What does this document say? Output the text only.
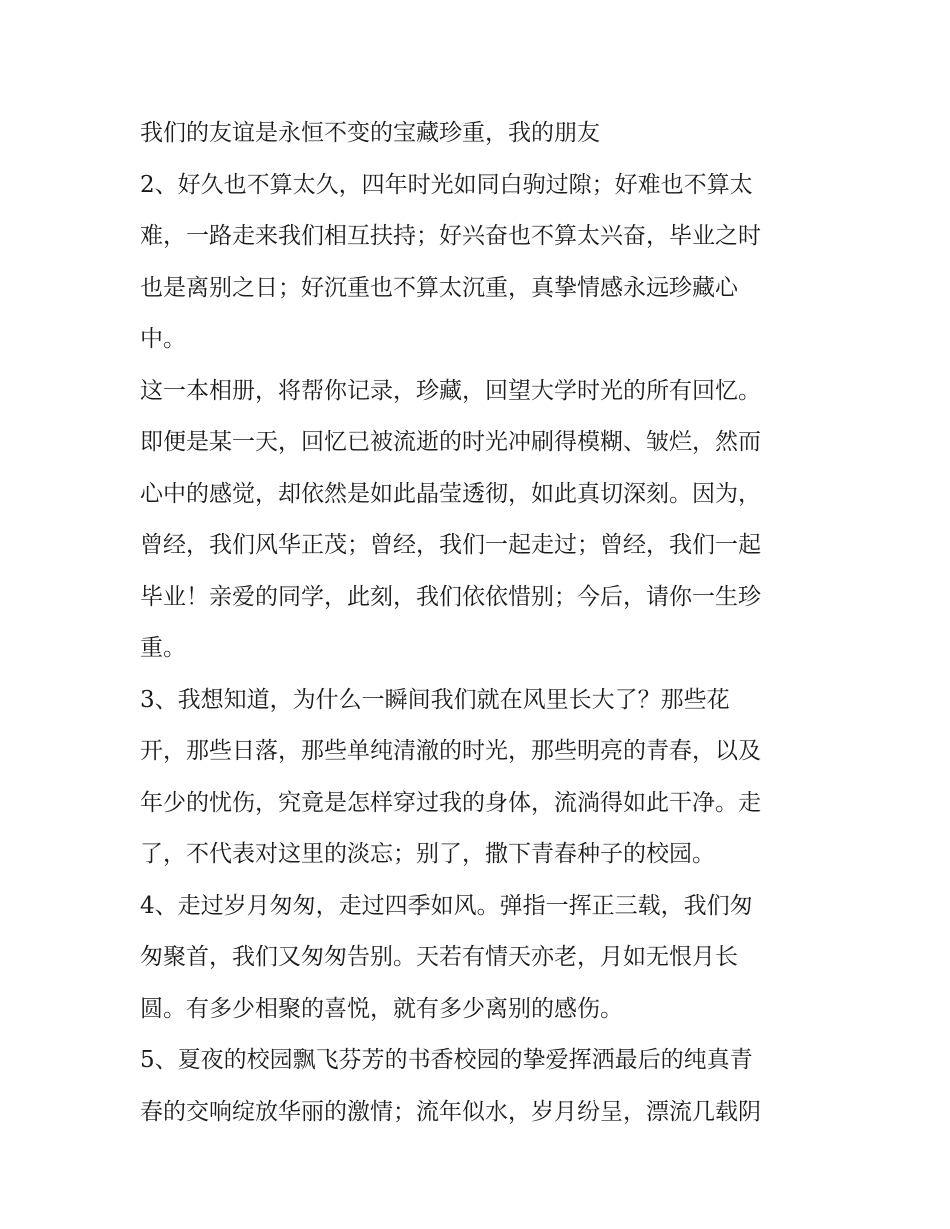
我们的友谊是永恒不变的宝藏珍重，我的朋友
2、好久也不算太久，四年时光如同白驹过隙；好难也不算太
难，一路走来我们相互扶持；好兴奋也不算太兴奋，毕业之时
也是离别之日；好沉重也不算太沉重，真挚情感永远珍藏心
中。
这一本相册，将帮你记录，珍藏，回望大学时光的所有回忆。
即便是某一天，回忆已被流逝的时光冲刷得模糊、皱烂，然而
心中的感觉，却依然是如此晶莹透彻，如此真切深刻。因为，
曾经，我们风华正茂；曾经，我们一起走过；曾经，我们一起
毕业！亲爱的同学，此刻，我们依依惜别；今后，请你一生珍
重。
3、我想知道，为什么一瞬间我们就在风里长大了？那些花
开，那些日落，那些单纯清澈的时光，那些明亮的青春，以及
年少的忧伤，究竟是怎样穿过我的身体，流淌得如此干净。走
了，不代表对这里的淡忘；别了，撒下青春种子的校园。
4、走过岁月匆匆，走过四季如风。弹指一挥正三载，我们匆
匆聚首，我们又匆匆告别。天若有情天亦老，月如无恨月长
圆。有多少相聚的喜悦，就有多少离别的感伤。
5、夏夜的校园飘飞芬芳的书香校园的挚爱挥洒最后的纯真青
春的交响绽放华丽的激情；流年似水，岁月纷呈，漂流几载阴
